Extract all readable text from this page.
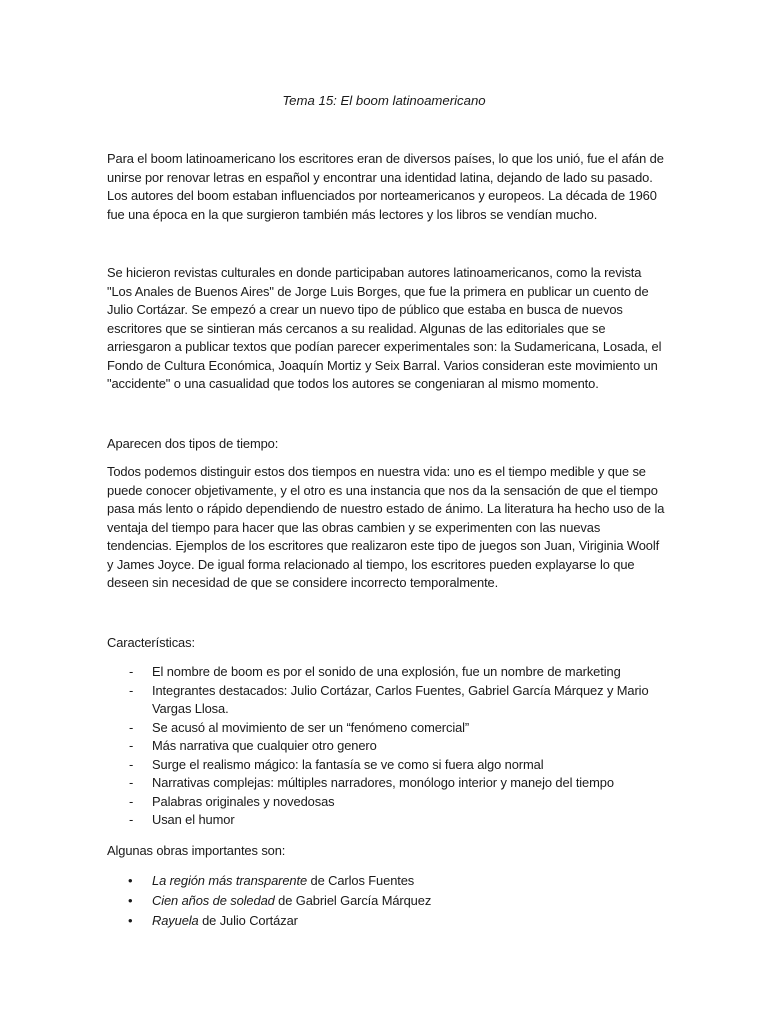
Tema 15: El boom latinoamericano

Para el boom latinoamericano los escritores eran de diversos países, lo que los unió, fue el afán de unirse por renovar letras en español y encontrar una identidad latina, dejando de lado su pasado. Los autores del boom estaban influenciados por norteamericanos y europeos. La década de 1960 fue una época en la que surgieron también más lectores y los libros se vendían mucho.

Se hicieron revistas culturales en donde participaban autores latinoamericanos, como la revista "Los Anales de Buenos Aires" de Jorge Luis Borges, que fue la primera en publicar un cuento de Julio Cortázar. Se empezó a crear un nuevo tipo de público que estaba en busca de nuevos escritores que se sintieran más cercanos a su realidad. Algunas de las editoriales que se arriesgaron a publicar textos que podían parecer experimentales son: la Sudamericana, Losada, el Fondo de Cultura Económica, Joaquín Mortiz y Seix Barral. Varios consideran este movimiento un "accidente" o una casualidad que todos los autores se congeniaran al mismo momento.

Aparecen dos tipos de tiempo:

Todos podemos distinguir estos dos tiempos en nuestra vida: uno es el tiempo medible y que se puede conocer objetivamente, y el otro es una instancia que nos da la sensación de que el tiempo pasa más lento o rápido dependiendo de nuestro estado de ánimo. La literatura ha hecho uso de la ventaja del tiempo para hacer que las obras cambien y se experimenten con las nuevas tendencias. Ejemplos de los escritores que realizaron este tipo de juegos son Juan, Viriginia Woolf y James Joyce. De igual forma relacionado al tiempo, los escritores pueden explayarse lo que deseen sin necesidad de que se considere incorrecto temporalmente.

Características:

- El nombre de boom es por el sonido de una explosión, fue un nombre de marketing
- Integrantes destacados: Julio Cortázar, Carlos Fuentes, Gabriel García Márquez y Mario Vargas Llosa.
- Se acusó al movimiento de ser un “fenómeno comercial”
- Más narrativa que cualquier otro genero
- Surge el realismo mágico: la fantasía se ve como si fuera algo normal
- Narrativas complejas: múltiples narradores, monólogo interior y manejo del tiempo
- Palabras originales y novedosas
- Usan el humor

Algunas obras importantes son:

• La región más transparente de Carlos Fuentes
• Cien años de soledad de Gabriel García Márquez
• Rayuela de Julio Cortázar
